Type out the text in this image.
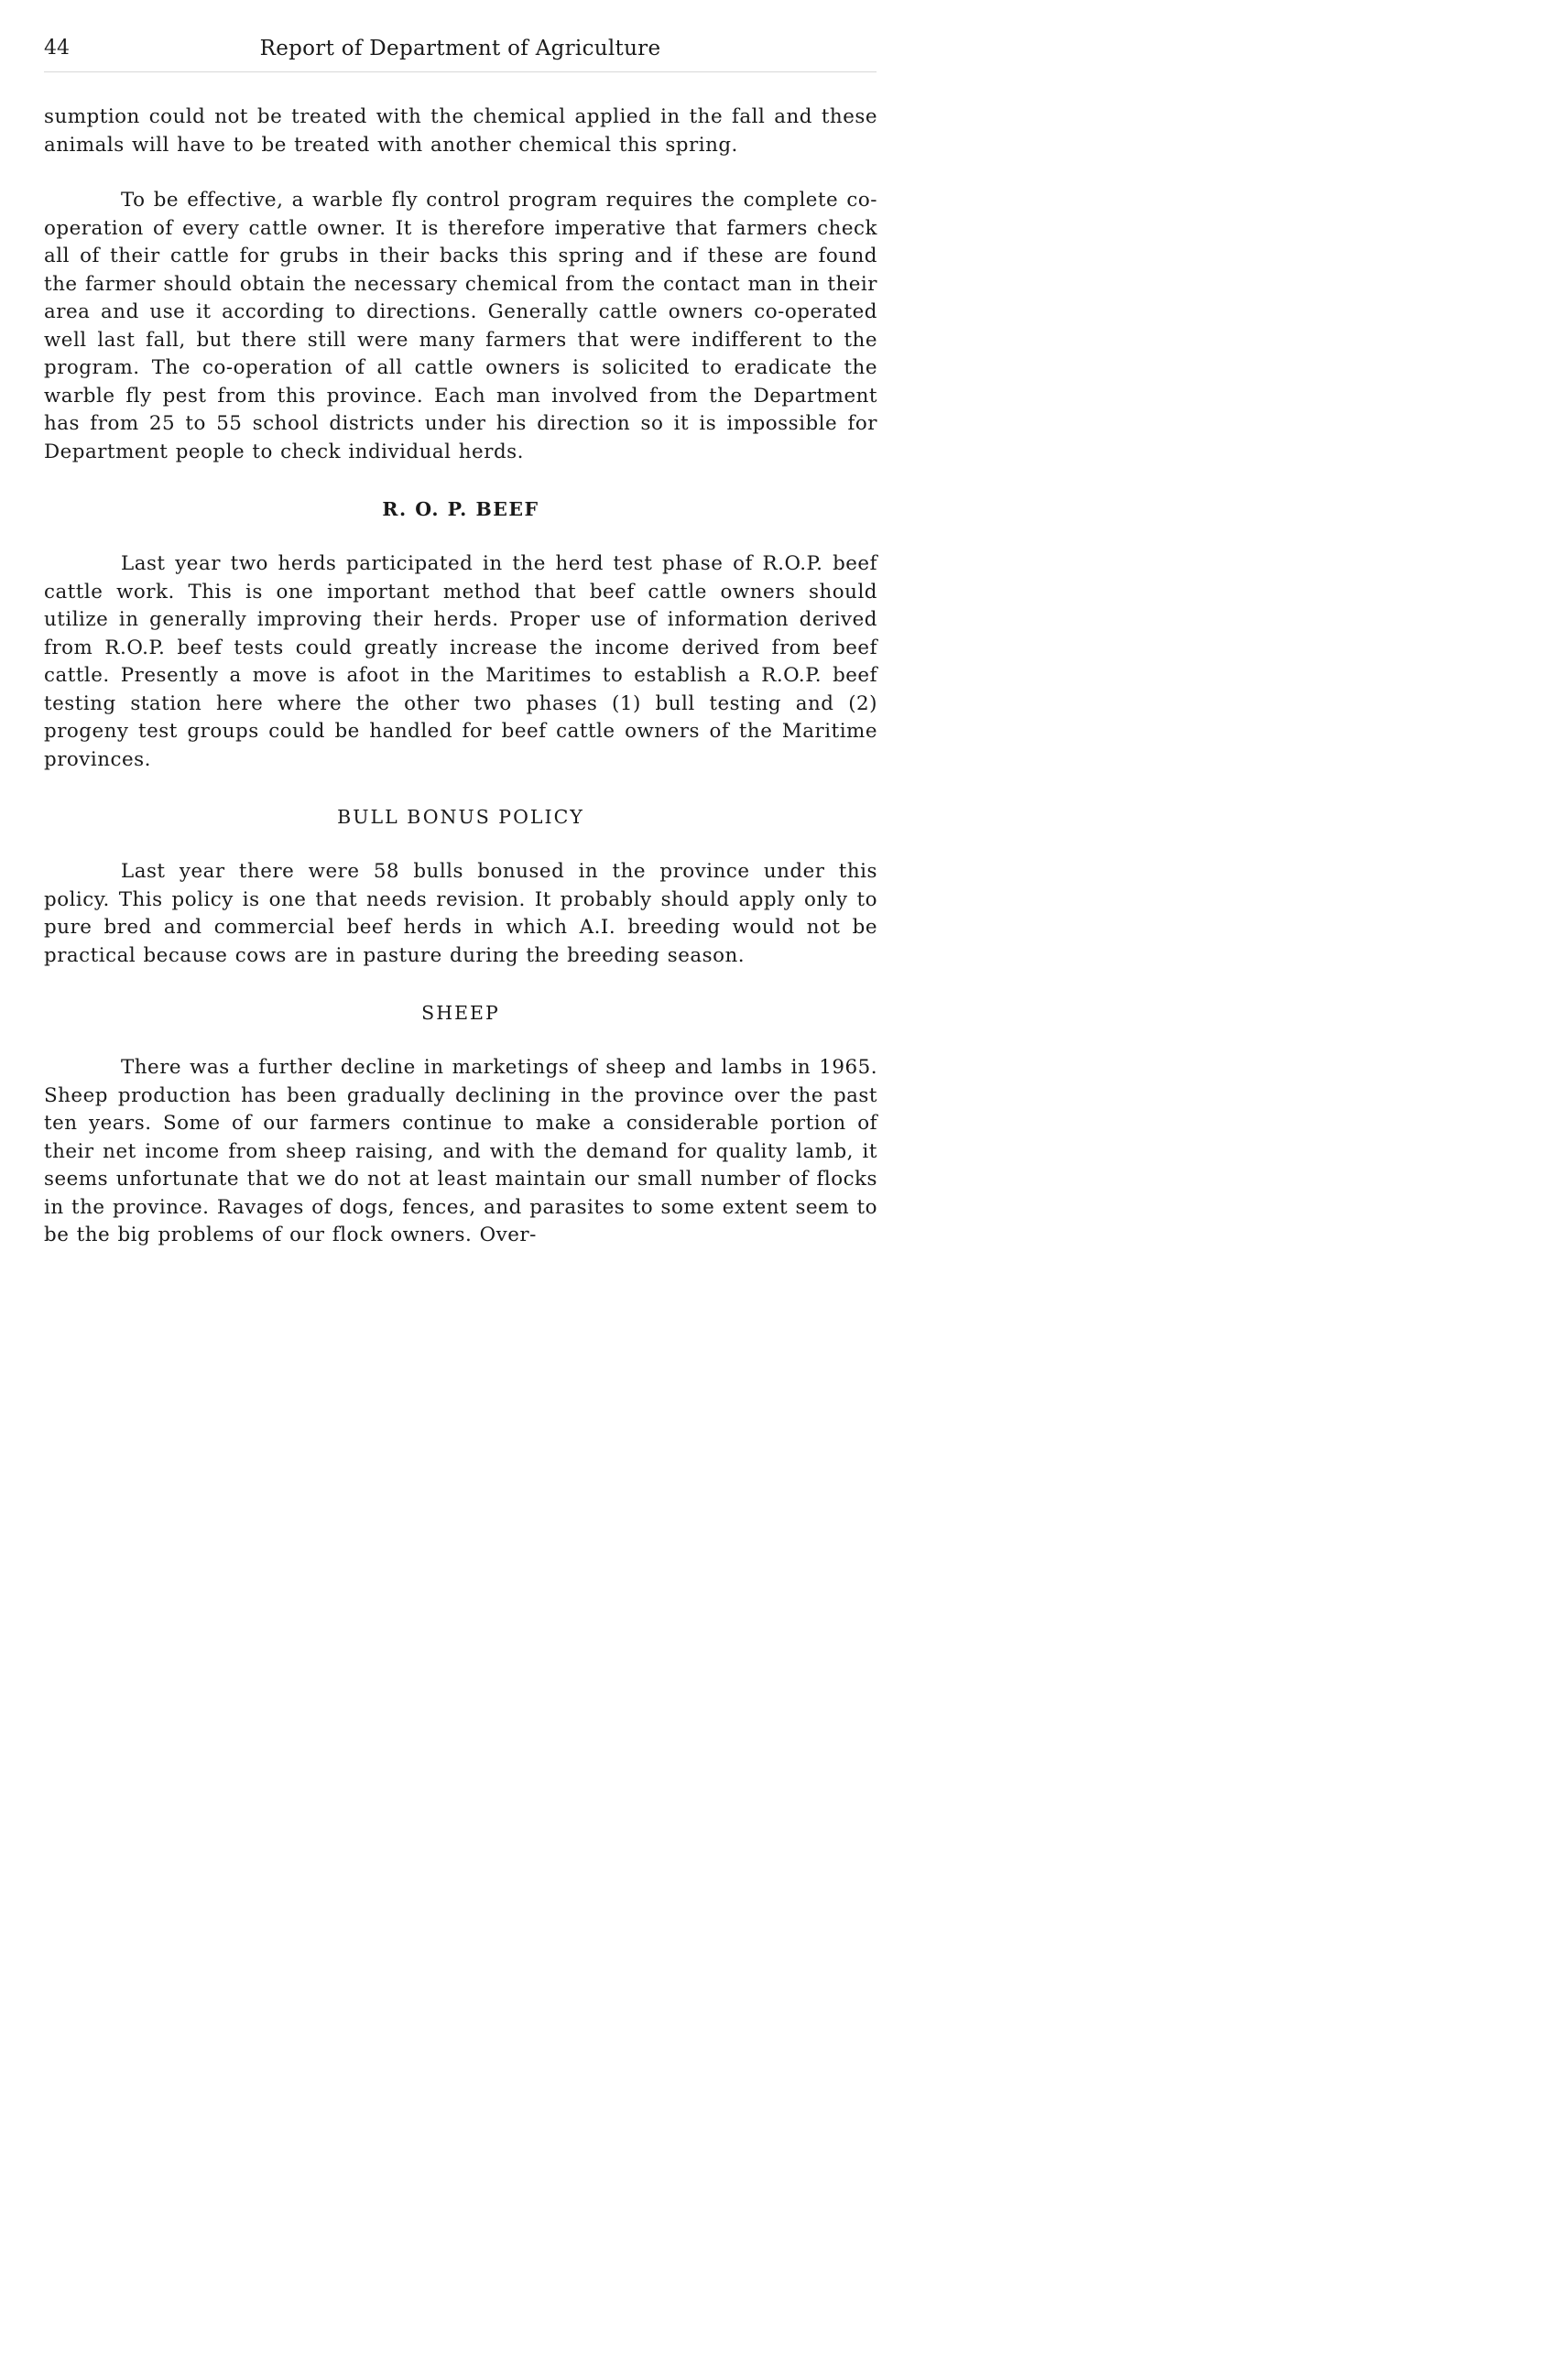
44	Report of Department of Agriculture

sumption could not be treated with the chemical applied in the fall and these animals will have to be treated with another chemical this spring.

To be effective, a warble fly control program requires the complete co-operation of every cattle owner. It is therefore imperative that farmers check all of their cattle for grubs in their backs this spring and if these are found the farmer should obtain the necessary chemical from the contact man in their area and use it according to directions. Generally cattle owners co-operated well last fall, but there still were many farmers that were indifferent to the program. The co-operation of all cattle owners is solicited to eradicate the warble fly pest from this province. Each man involved from the Department has from 25 to 55 school districts under his direction so it is impossible for Department people to check individual herds.

R. O. P. BEEF

Last year two herds participated in the herd test phase of R.O.P. beef cattle work. This is one important method that beef cattle owners should utilize in generally improving their herds. Proper use of information derived from R.O.P. beef tests could greatly increase the income derived from beef cattle. Presently a move is afoot in the Maritimes to establish a R.O.P. beef testing station here where the other two phases (1) bull testing and (2) progeny test groups could be handled for beef cattle owners of the Maritime provinces.

BULL BONUS POLICY

Last year there were 58 bulls bonused in the province under this policy. This policy is one that needs revision. It probably should apply only to pure bred and commercial beef herds in which A.I. breeding would not be practical because cows are in pasture during the breeding season.

SHEEP

There was a further decline in marketings of sheep and lambs in 1965. Sheep production has been gradually declining in the province over the past ten years. Some of our farmers continue to make a considerable portion of their net income from sheep raising, and with the demand for quality lamb, it seems unfortunate that we do not at least maintain our small number of flocks in the province. Ravages of dogs, fences, and parasites to some extent seem to be the big problems of our flock owners. Over-
